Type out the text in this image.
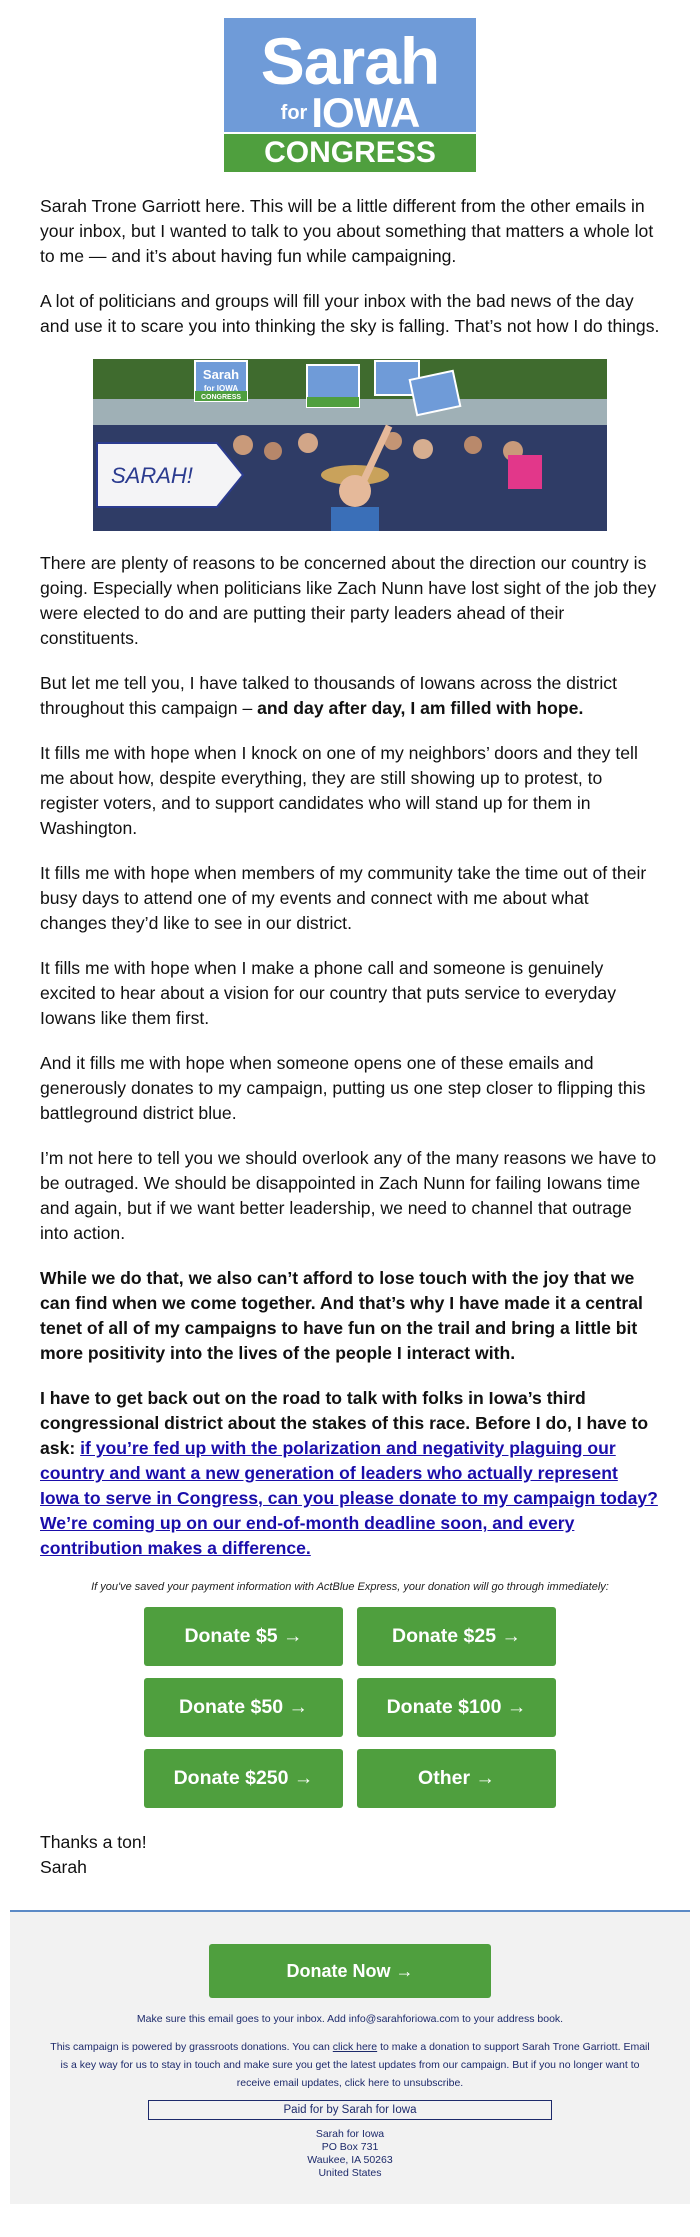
Sarah
forIOWA
CONGRESS

Sarah Trone Garriott here. This will be a little different from the other emails in your inbox, but I wanted to talk to you about something that matters a whole lot to me — and it’s about having fun while campaigning.

A lot of politicians and groups will fill your inbox with the bad news of the day and use it to scare you into thinking the sky is falling. That’s not how I do things.

SARAH!
Sarah
for IOWA
CONGRESS

There are plenty of reasons to be concerned about the direction our country is going. Especially when politicians like Zach Nunn have lost sight of the job they were elected to do and are putting their party leaders ahead of their constituents.

But let me tell you, I have talked to thousands of Iowans across the district throughout this campaign – and day after day, I am filled with hope.

It fills me with hope when I knock on one of my neighbors’ doors and they tell me about how, despite everything, they are still showing up to protest, to register voters, and to support candidates who will stand up for them in Washington.

It fills me with hope when members of my community take the time out of their busy days to attend one of my events and connect with me about what changes they’d like to see in our district.

It fills me with hope when I make a phone call and someone is genuinely excited to hear about a vision for our country that puts service to everyday Iowans like them first.

And it fills me with hope when someone opens one of these emails and generously donates to my campaign, putting us one step closer to flipping this battleground district blue.

I’m not here to tell you we should overlook any of the many reasons we have to be outraged. We should be disappointed in Zach Nunn for failing Iowans time and again, but if we want better leadership, we need to channel that outrage into action.

While we do that, we also can’t afford to lose touch with the joy that we can find when we come together. And that’s why I have made it a central tenet of all of my campaigns to have fun on the trail and bring a little bit more positivity into the lives of the people I interact with.

I have to get back out on the road to talk with folks in Iowa’s third congressional district about the stakes of this race. Before I do, I have to ask: if you’re fed up with the polarization and negativity plaguing our country and want a new generation of leaders who actually represent Iowa to serve in Congress, can you please donate to my campaign today? We’re coming up on our end-of-month deadline soon, and every contribution makes a difference.

If you've saved your payment information with ActBlue Express, your donation will go through immediately:
Donate $5 →	Donate $25 →
Donate $50 →	Donate $100 →
Donate $250 →	Other →
Thanks a ton!
Sarah
Donate Now →
Make sure this email goes to your inbox. Add info@sarahforiowa.com to your address book.
This campaign is powered by grassroots donations. You can click here to make a donation to support Sarah Trone Garriott. Email is a key way for us to stay in touch and make sure you get the latest updates from our campaign. But if you no longer want to receive email updates, click here to unsubscribe.
Paid for by Sarah for Iowa
Sarah for Iowa
PO Box 731
Waukee, IA 50263
United States
